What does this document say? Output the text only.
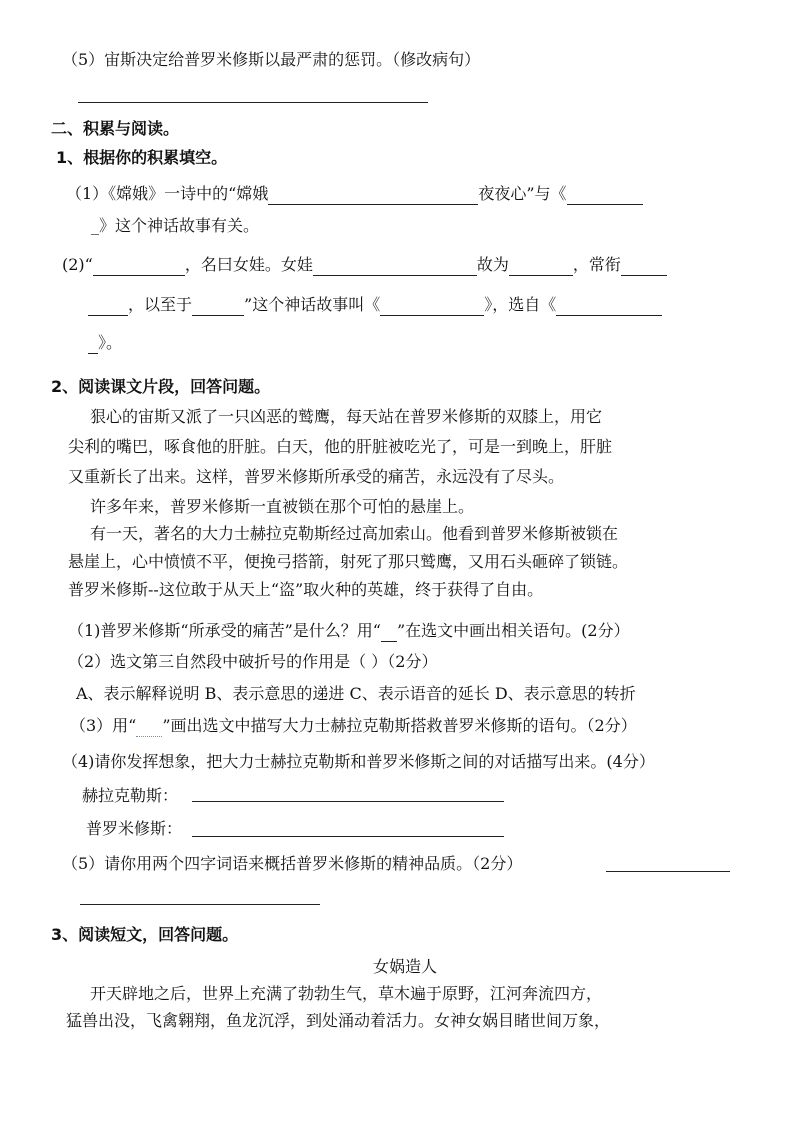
（5）宙斯决定给普罗米修斯以最严肃的惩罚。（修改病句）
二、积累与阅读。
1、根据你的积累填空。
（1）《嫦娥》一诗中的“嫦娥	夜夜心”与《
_》这个神话故事有关。
(2)“	，名曰女娃。女娃	故为	，常衔
，以至于	”这个神话故事叫《	》，选自《
》。
2、阅读课文片段，回答问题。
狠心的宙斯又派了一只凶恶的鹫鹰，每天站在普罗米修斯的双膝上，用它
尖利的嘴巴，啄食他的肝脏。白天，他的肝脏被吃光了，可是一到晚上，肝脏
又重新长了出来。这样，普罗米修斯所承受的痛苦，永远没有了尽头。
许多年来，普罗米修斯一直被锁在那个可怕的悬崖上。
有一天，著名的大力士赫拉克勒斯经过高加索山。他看到普罗米修斯被锁在
悬崖上，心中愤愤不平，便挽弓搭箭，射死了那只鹫鹰，又用石头砸碎了锁链。
普罗米修斯--这位敢于从天上“盗”取火种的英雄，终于获得了自由。
（1)普罗米修斯“所承受的痛苦”是什么？用“ ”在选文中画出相关语句。(2分）
（2）选文第三自然段中破折号的作用是（ ）（2分）
A、表示解释说明 B、表示意思的递进 C、表示语音的延长 D、表示意思的转折
（3）用“ ”画出选文中描写大力士赫拉克勒斯搭救普罗米修斯的语句。（2分）
（4)请你发挥想象，把大力士赫拉克勒斯和普罗米修斯之间的对话描写出来。(4分）
赫拉克勒斯：
普罗米修斯：
（5）请你用两个四字词语来概括普罗米修斯的精神品质。（2分）
3、阅读短文，回答问题。
女娲造人
开天辟地之后，世界上充满了勃勃生气，草木遍于原野，江河奔流四方，
猛兽出没，飞禽翱翔，鱼龙沉浮，到处涌动着活力。女神女娲目睹世间万象，
